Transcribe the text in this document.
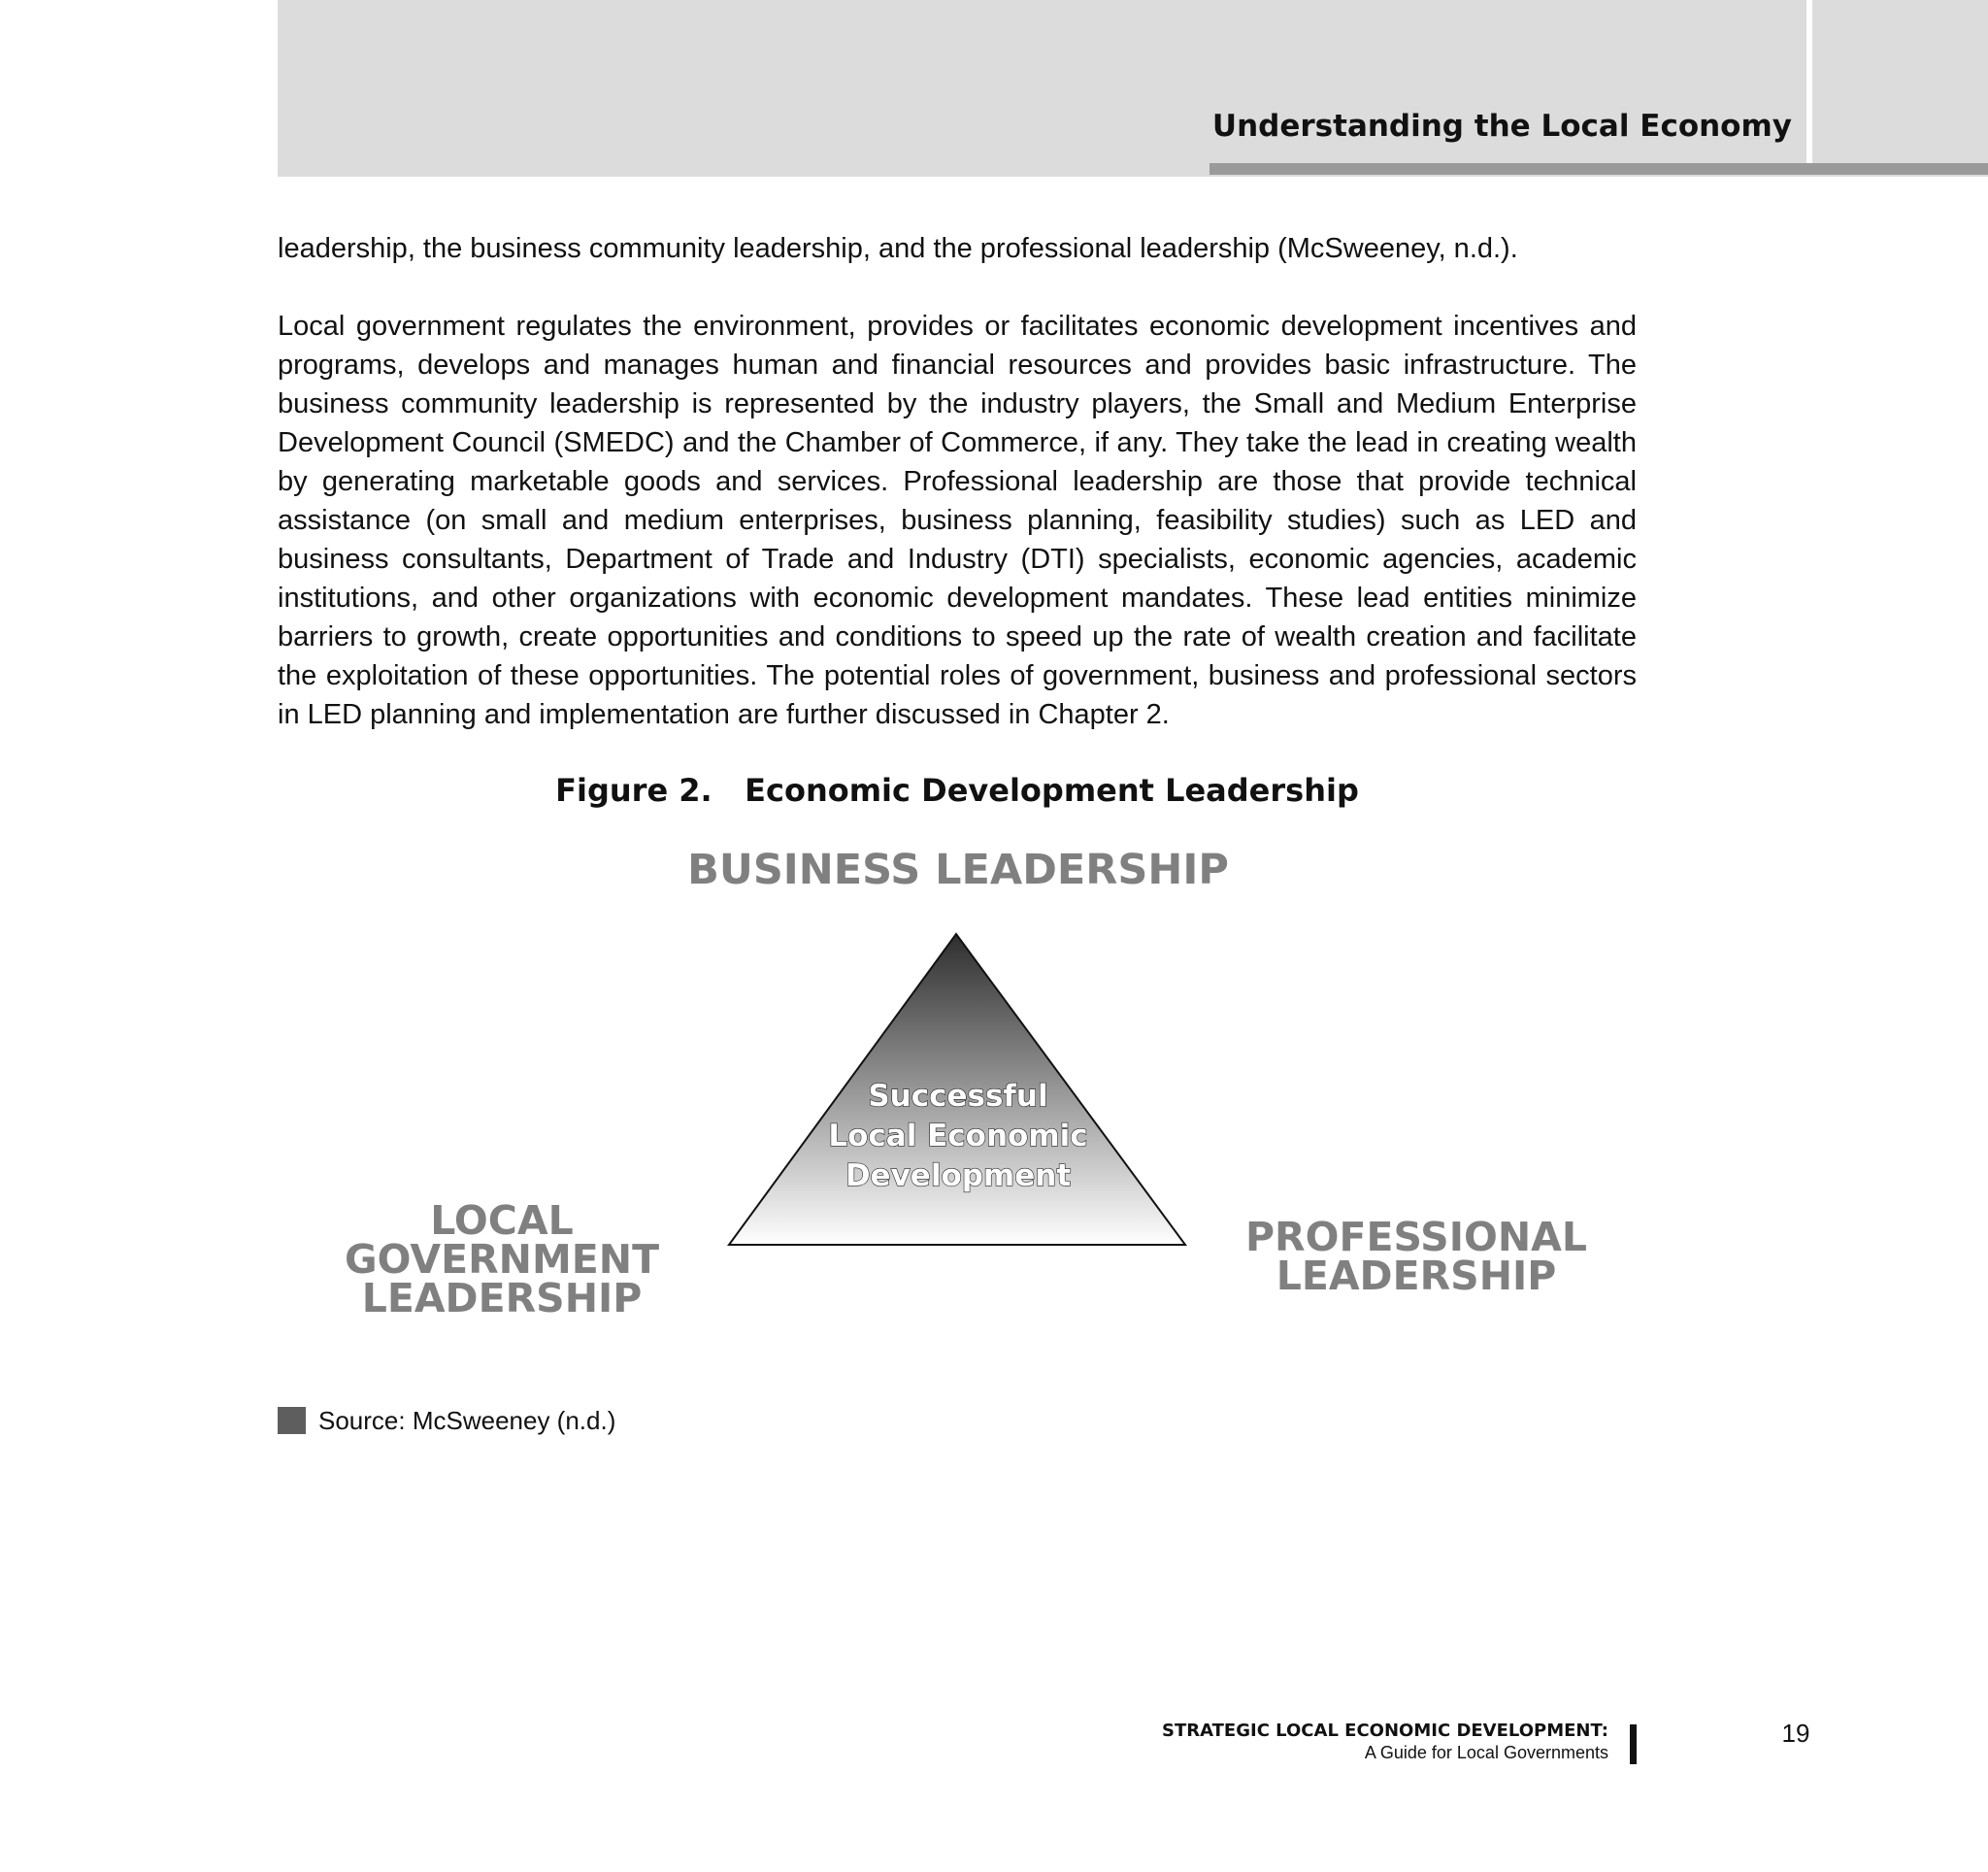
Understanding the Local Economy
leadership, the business community leadership, and the professional leadership (McSweeney, n.d.).
Local government regulates the environment, provides or facilitates economic development incentives and programs, develops and manages human and financial resources and provides basic infrastructure. The business community leadership is represented by the industry players, the Small and Medium Enterprise Development Council (SMEDC) and the Chamber of Commerce, if any. They take the lead in creating wealth by generating marketable goods and services. Professional leadership are those that provide technical assistance (on small and medium enterprises, business planning, feasibility studies) such as LED and business consultants, Department of Trade and Industry (DTI) specialists, economic agencies, academic institutions, and other organizations with economic development mandates. These lead entities minimize barriers to growth, create opportunities and conditions to speed up the rate of wealth creation and facilitate the exploitation of these opportunities. The potential roles of government, business and professional sectors in LED planning and implementation are further discussed in Chapter 2.
Figure 2.   Economic Development Leadership
BUSINESS LEADERSHIP
Successful
Local Economic
Development
LOCAL
GOVERNMENT
LEADERSHIP
PROFESSIONAL
LEADERSHIP
Source: McSweeney (n.d.)
STRATEGIC LOCAL ECONOMIC DEVELOPMENT:
A Guide for Local Governments
19
